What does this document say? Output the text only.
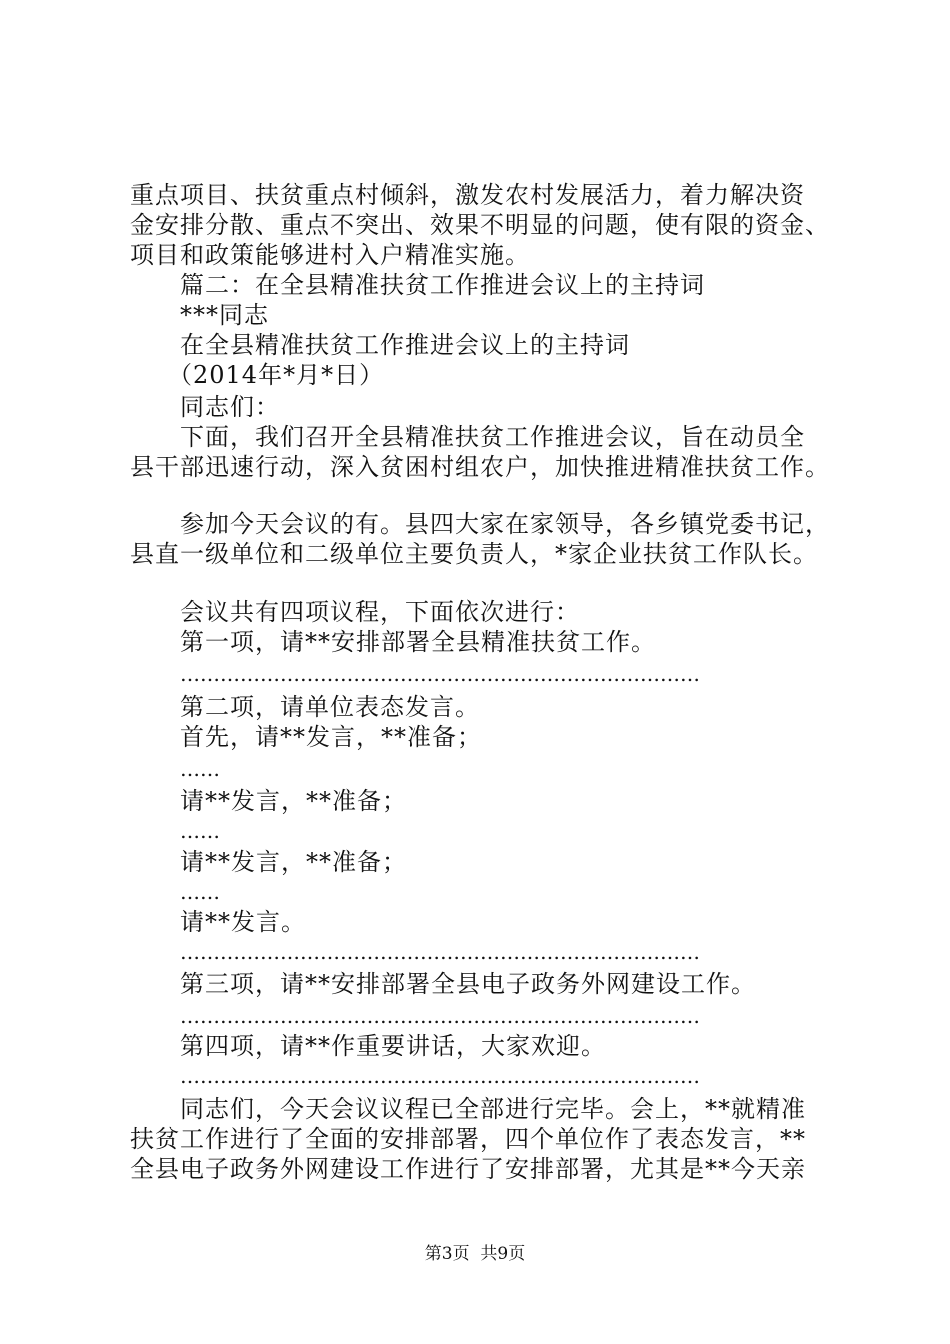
重点项目、扶贫重点村倾斜，激发农村发展活力，着力解决资
金安排分散、重点不突出、效果不明显的问题，使有限的资金、
项目和政策能够进村入户精准实施。
篇二：在全县精准扶贫工作推进会议上的主持词
***同志
在全县精准扶贫工作推进会议上的主持词
（2014年*月*日）
同志们：
下面，我们召开全县精准扶贫工作推进会议，旨在动员全
县干部迅速行动，深入贫困村组农户，加快推进精准扶贫工作。
参加今天会议的有。县四大家在家领导，各乡镇党委书记，
县直一级单位和二级单位主要负责人，*家企业扶贫工作队长。
会议共有四项议程，下面依次进行：
第一项，请**安排部署全县精准扶贫工作。
……………………………………………………………………
第二项，请单位表态发言。
首先，请**发言，**准备；
……
请**发言，**准备；
……
请**发言，**准备；
……
请**发言。
……………………………………………………………………
第三项，请**安排部署全县电子政务外网建设工作。
……………………………………………………………………
第四项，请**作重要讲话，大家欢迎。
……………………………………………………………………
同志们，今天会议议程已全部进行完毕。会上，**就精准
扶贫工作进行了全面的安排部署，四个单位作了表态发言，**
全县电子政务外网建设工作进行了安排部署，尤其是**今天亲
第3页  共9页
